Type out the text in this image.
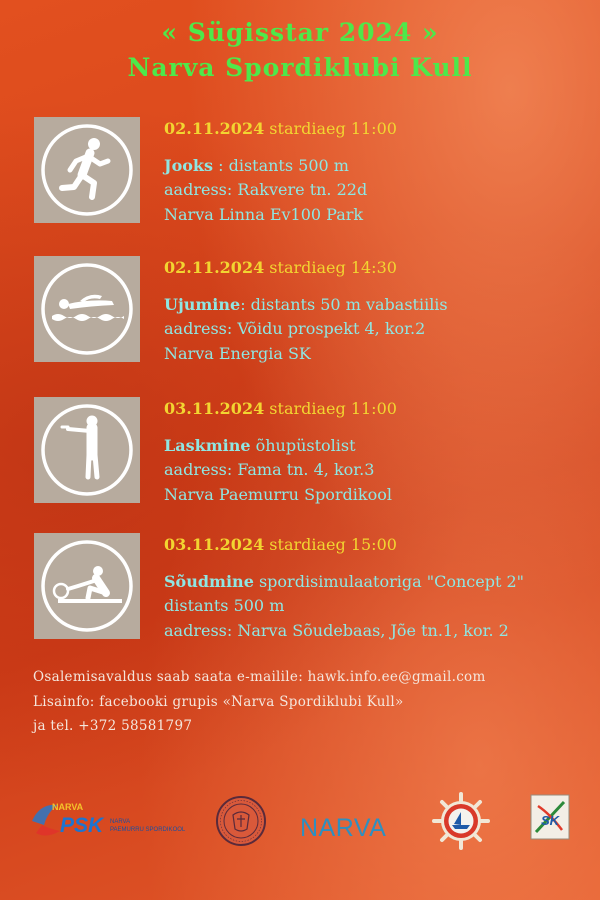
« Sügisstar 2024 »
Narva Spordiklubi Kull
02.11.2024 stardiaeg 11:00
Jooks : distants 500 m
aadress: Rakvere tn. 22d
Narva Linna Ev100 Park
02.11.2024 stardiaeg 14:30
Ujumine: distants 50 m vabastiilis
aadress: Võidu prospekt 4, kor.2
Narva Energia SK
03.11.2024 stardiaeg 11:00
Laskmine õhupüstolist
aadress: Fama tn. 4, kor.3
Narva Paemurru Spordikool
03.11.2024 stardiaeg 15:00
Sõudmine spordisimulaatoriga "Concept 2"
distants 500 m
aadress: Narva Sõudebaas, Jõe tn.1, kor. 2
Osalemisavaldus saab saata e-mailile: hawk.info.ee@gmail.com
Lisainfo: facebooki grupis «Narva Spordiklubi Kull»
ja tel. +372 58581797
NARVA
PSK	NARVA
PAEMURRU SPORDIKOOL	NARVA	SK
